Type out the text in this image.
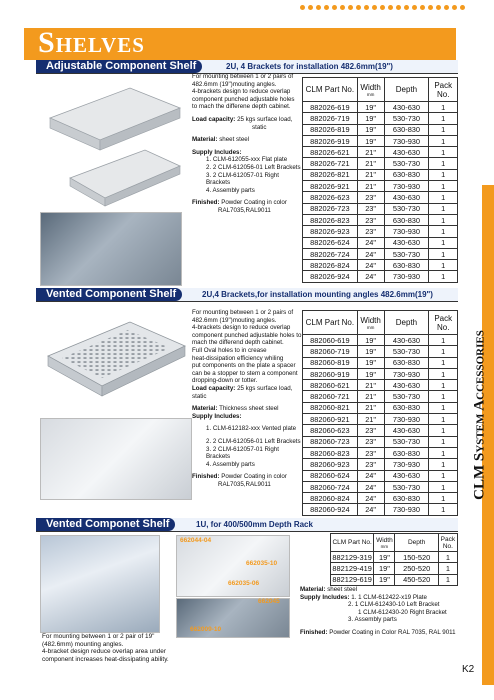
Shelves
CLM System Accessories
Adjustable Component Shelf	2U, 4 Brackets for installation 482.6mm(19")

For mounting between 1 or 2 pairs of

482.6mm (19")mouting angles.

4-brackets design to reduce overlap

component punched adjustable holes

to mach the differene depth cabinet.

Load capacity: 25 kgs surface load,

static

Material: sheet steel

Supply Includes:

1. CLM-612055-xxx Flat plate

2. 2 CLM-612056-01 Left Brackets

3. 2 CLM-612057-01 Right Brackets

4. Assembly parts

Finished: Powder Coating in color

RAL7035,RAL9011

CLM Part No.	Width
mm	Depth	Pack No.
882026-619	19"	430-630	1
882026-719	19"	530-730	1
882026-819	19"	630-830	1
882026-919	19"	730-930	1
882026-621	21"	430-630	1
882026-721	21"	530-730	1
882026-821	21"	630-830	1
882026-921	21"	730-930	1
882026-623	23"	430-630	1
882026-723	23"	530-730	1
882026-823	23"	630-830	1
882026-923	23"	730-930	1
882026-624	24"	430-630	1
882026-724	24"	530-730	1
882026-824	24"	630-830	1
882026-924	24"	730-930	1
Vented Component Shelf	2U,4 Brackets,for installation mounting angles 482.6mm(19")

For mounting between 1 or 2 pairs of

482.6mm (19")mouting angles.

4-brackets design to reduce overlap

component punched adjustable holes to

mach the differend depth cabinet.

Full Oval holes to in crease

heat-dissipation efficiency whiling

put components on the plate a spacer

can be a stopper to stem a component

dropping-down or totter.

Load capacity: 25 kgs surface load, static

Material: Thickness sheet steel

Supply Includes:

1. CLM-612182-xxx Vented plate

2. 2 CLM-612056-01 Left Brackets

3. 2 CLM-612057-01 Right Brackets

4. Assembly parts

Finished: Powder Coating in color

RAL7035,RAL9011

CLM Part No.	Width
mm	Depth	Pack No.
882060-619	19"	430-630	1
882060-719	19"	530-730	1
882060-819	19"	630-830	1
882060-919	19"	730-930	1
882060-621	21"	430-630	1
882060-721	21"	530-730	1
882060-821	21"	630-830	1
882060-921	21"	730-930	1
882060-623	23"	430-630	1
882060-723	23"	530-730	1
882060-823	23"	630-830	1
882060-923	23"	730-930	1
882060-624	24"	430-630	1
882060-724	24"	530-730	1
882060-824	24"	630-830	1
882060-924	24"	730-930	1
Vented Componet Shelf	1U, for 400/500mm Depth Rack
662044-04
662035-10
662035-06
662045
662009-10
CLM Part No.	Width
mm	Depth	Pack No.
882129-319	19"	150-520	1
882129-419	19"	250-520	1
882129-619	19"	450-520	1

Material: sheet steel

Supply Includes: 1. 1 CLM-612422-x19 Plate

2. 1 CLM-612430-10 Left Bracket

1 CLM-612430-20 Right Bracket

3. Assembly parts

Finished: Powder Coating in Color RAL 7035, RAL 9011

For mounting between 1 or 2 pair of 19"

(482.6mm) mounting angles.

4-bracket design reduce overlap area under

component increases heat-dissipating ability.

K2
